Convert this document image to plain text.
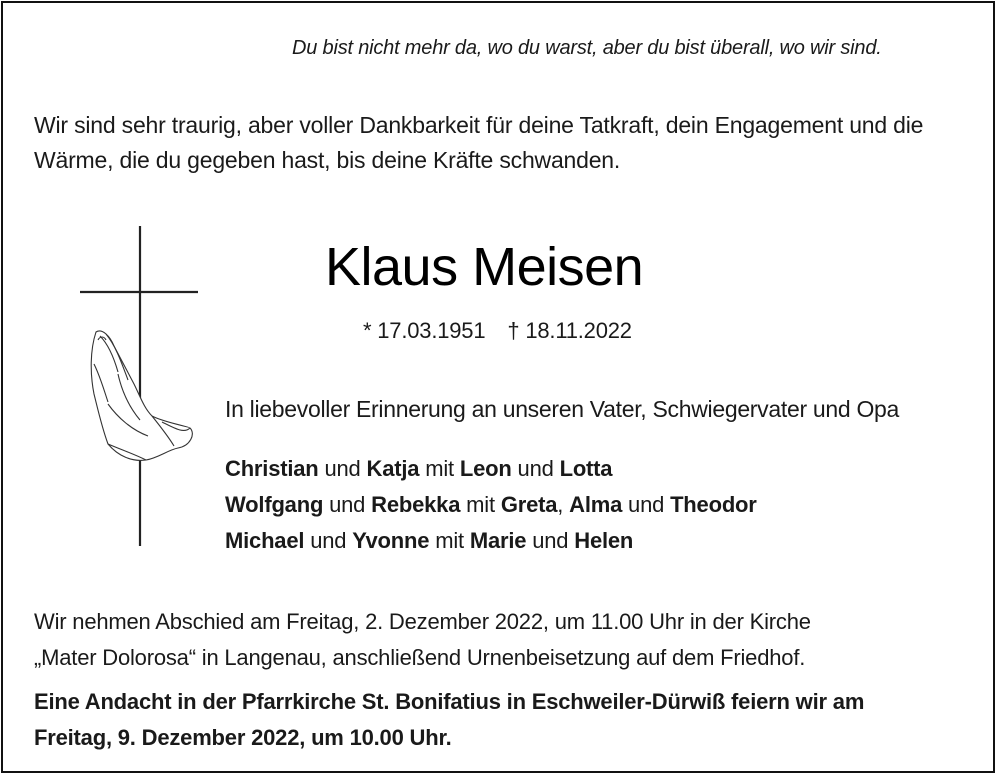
Du bist nicht mehr da, wo du warst, aber du bist überall, wo wir sind.
Wir sind sehr traurig, aber voller Dankbarkeit für deine Tatkraft, dein Engagement und die Wärme, die du gegeben hast, bis deine Kräfte schwanden.
Klaus Meisen
* 17.03.1951 † 18.11.2022
In liebevoller Erinnerung an unseren Vater, Schwiegervater und Opa
Christian und Katja mit Leon und Lotta
Wolfgang und Rebekka mit Greta, Alma und Theodor
Michael und Yvonne mit Marie und Helen
Wir nehmen Abschied am Freitag, 2. Dezember 2022, um 11.00 Uhr in der Kirche
„Mater Dolorosa“ in Langenau, anschließend Urnenbeisetzung auf dem Friedhof.
Eine Andacht in der Pfarrkirche St. Bonifatius in Eschweiler-Dürwiß feiern wir am
Freitag, 9. Dezember 2022, um 10.00 Uhr.
